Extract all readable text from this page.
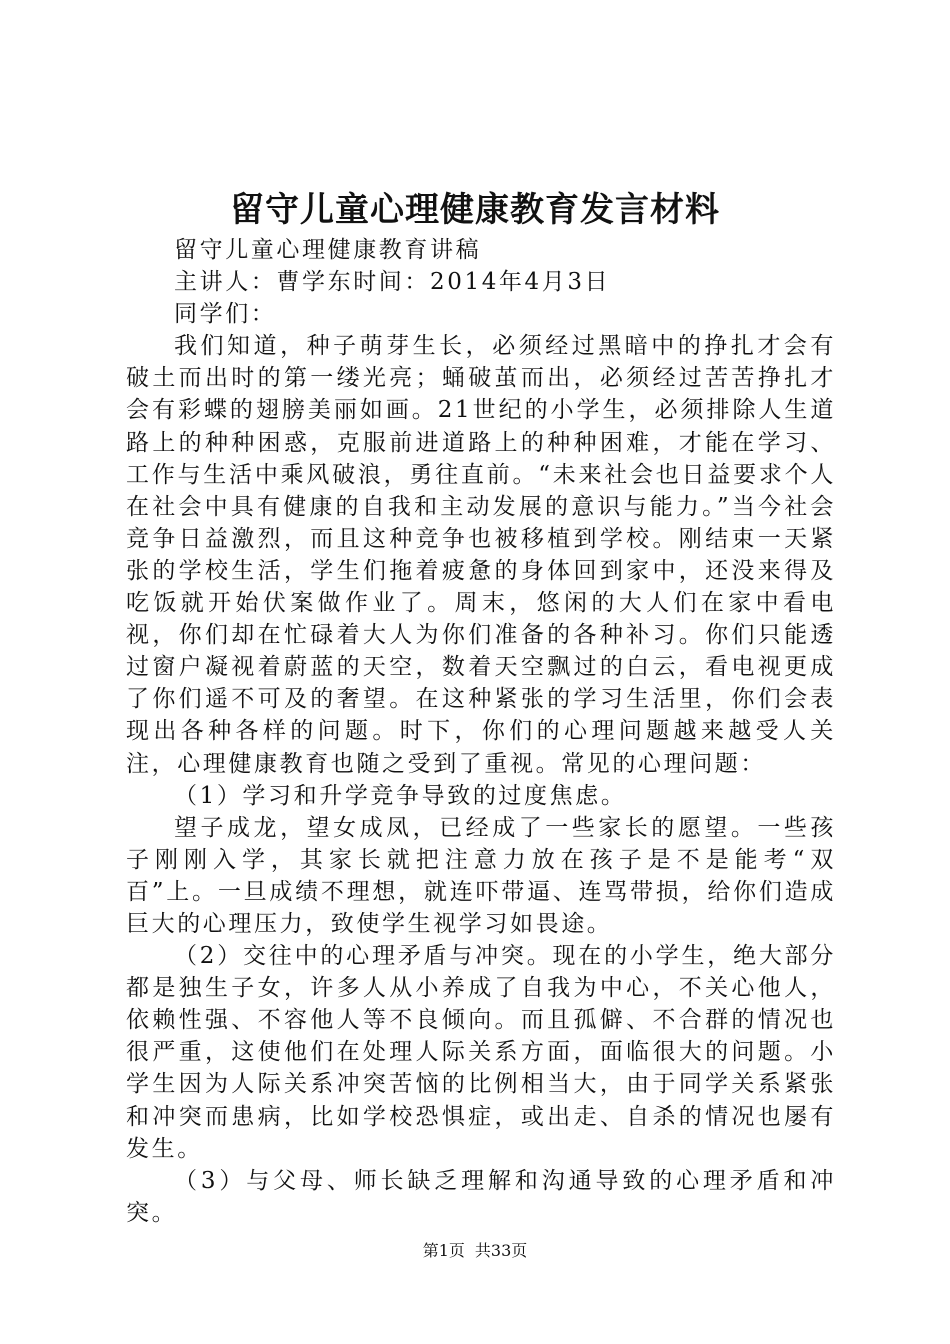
留守儿童心理健康教育发言材料

留守儿童心理健康教育讲稿

主讲人：曹学东时间：2014年4月3日

同学们：

我们知道，种子萌芽生长，必须经过黑暗中的挣扎才会有破土而出时的第一缕光亮；蛹破茧而出，必须经过苦苦挣扎才会有彩蝶的翅膀美丽如画。21世纪的小学生，必须排除人生道路上的种种困惑，克服前进道路上的种种困难，才能在学习、工作与生活中乘风破浪，勇往直前。“未来社会也日益要求个人在社会中具有健康的自我和主动发展的意识与能力。”当今社会竞争日益激烈，而且这种竞争也被移植到学校。刚结束一天紧张的学校生活，学生们拖着疲惫的身体回到家中，还没来得及吃饭就开始伏案做作业了。周末，悠闲的大人们在家中看电视，你们却在忙碌着大人为你们准备的各种补习。你们只能透过窗户凝视着蔚蓝的天空，数着天空飘过的白云，看电视更成了你们遥不可及的奢望。在这种紧张的学习生活里，你们会表现出各种各样的问题。时下，你们的心理问题越来越受人关注，心理健康教育也随之受到了重视。常见的心理问题：

（1）学习和升学竞争导致的过度焦虑。

望子成龙，望女成凤，已经成了一些家长的愿望。一些孩子刚刚入学，其家长就把注意力放在孩子是不是能考“双百”上。一旦成绩不理想，就连吓带逼、连骂带损，给你们造成巨大的心理压力，致使学生视学习如畏途。

（2）交往中的心理矛盾与冲突。现在的小学生，绝大部分都是独生子女，许多人从小养成了自我为中心，不关心他人，依赖性强、不容他人等不良倾向。而且孤僻、不合群的情况也很严重，这使他们在处理人际关系方面，面临很大的问题。小学生因为人际关系冲突苦恼的比例相当大，由于同学关系紧张和冲突而患病，比如学校恐惧症，或出走、自杀的情况也屡有发生。

（3）与父母、师长缺乏理解和沟通导致的心理矛盾和冲突。

第1页 共33页
